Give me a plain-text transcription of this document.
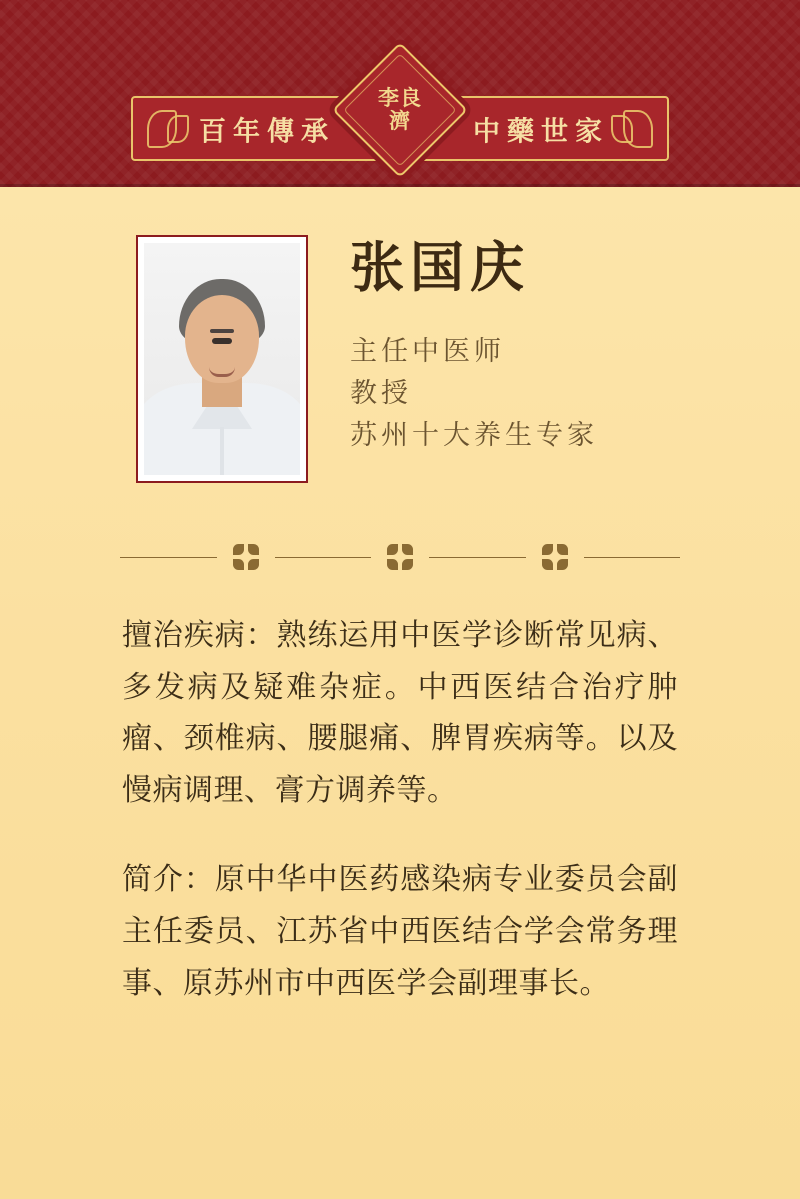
百年傳承	中藥世家
李良
濟
张国庆
主任中医师
教授
苏州十大养生专家

擅治疾病：熟练运用中医学诊断常见病、多发病及疑难杂症。中西医结合治疗肿瘤、颈椎病、腰腿痛、脾胃疾病等。以及慢病调理、膏方调养等。

简介：原中华中医药感染病专业委员会副主任委员、江苏省中西医结合学会常务理事、原苏州市中西医学会副理事长。
